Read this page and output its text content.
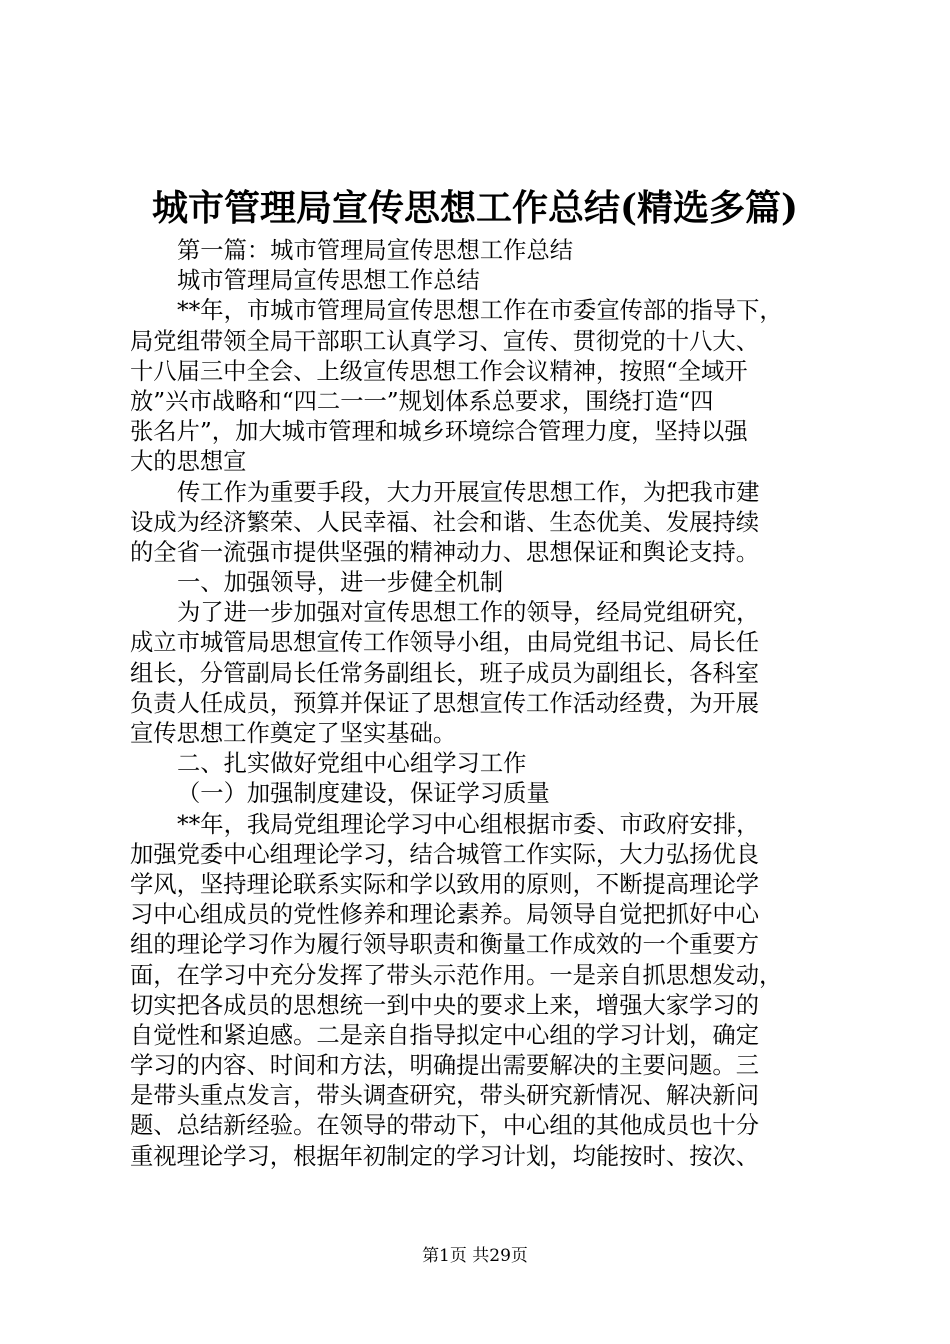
城市管理局宣传思想工作总结(精选多篇)
第一篇：城市管理局宣传思想工作总结
城市管理局宣传思想工作总结
**年，市城市管理局宣传思想工作在市委宣传部的指导下，
局党组带领全局干部职工认真学习、宣传、贯彻党的十八大、
十八届三中全会、上级宣传思想工作会议精神，按照“全域开
放”兴市战略和“四二一一”规划体系总要求，围绕打造“四
张名片”，加大城市管理和城乡环境综合管理力度，坚持以强
大的思想宣
传工作为重要手段，大力开展宣传思想工作，为把我市建
设成为经济繁荣、人民幸福、社会和谐、生态优美、发展持续
的全省一流强市提供坚强的精神动力、思想保证和舆论支持。
一、加强领导，进一步健全机制
为了进一步加强对宣传思想工作的领导，经局党组研究，
成立市城管局思想宣传工作领导小组，由局党组书记、局长任
组长，分管副局长任常务副组长，班子成员为副组长，各科室
负责人任成员，预算并保证了思想宣传工作活动经费，为开展
宣传思想工作奠定了坚实基础。
二、扎实做好党组中心组学习工作
（一）加强制度建设，保证学习质量
**年，我局党组理论学习中心组根据市委、市政府安排，
加强党委中心组理论学习，结合城管工作实际，大力弘扬优良
学风，坚持理论联系实际和学以致用的原则，不断提高理论学
习中心组成员的党性修养和理论素养。局领导自觉把抓好中心
组的理论学习作为履行领导职责和衡量工作成效的一个重要方
面，在学习中充分发挥了带头示范作用。一是亲自抓思想发动，
切实把各成员的思想统一到中央的要求上来，增强大家学习的
自觉性和紧迫感。二是亲自指导拟定中心组的学习计划，确定
学习的内容、时间和方法，明确提出需要解决的主要问题。三
是带头重点发言，带头调查研究，带头研究新情况、解决新问
题、总结新经验。在领导的带动下，中心组的其他成员也十分
重视理论学习，根据年初制定的学习计划，均能按时、按次、
第1页 共29页
